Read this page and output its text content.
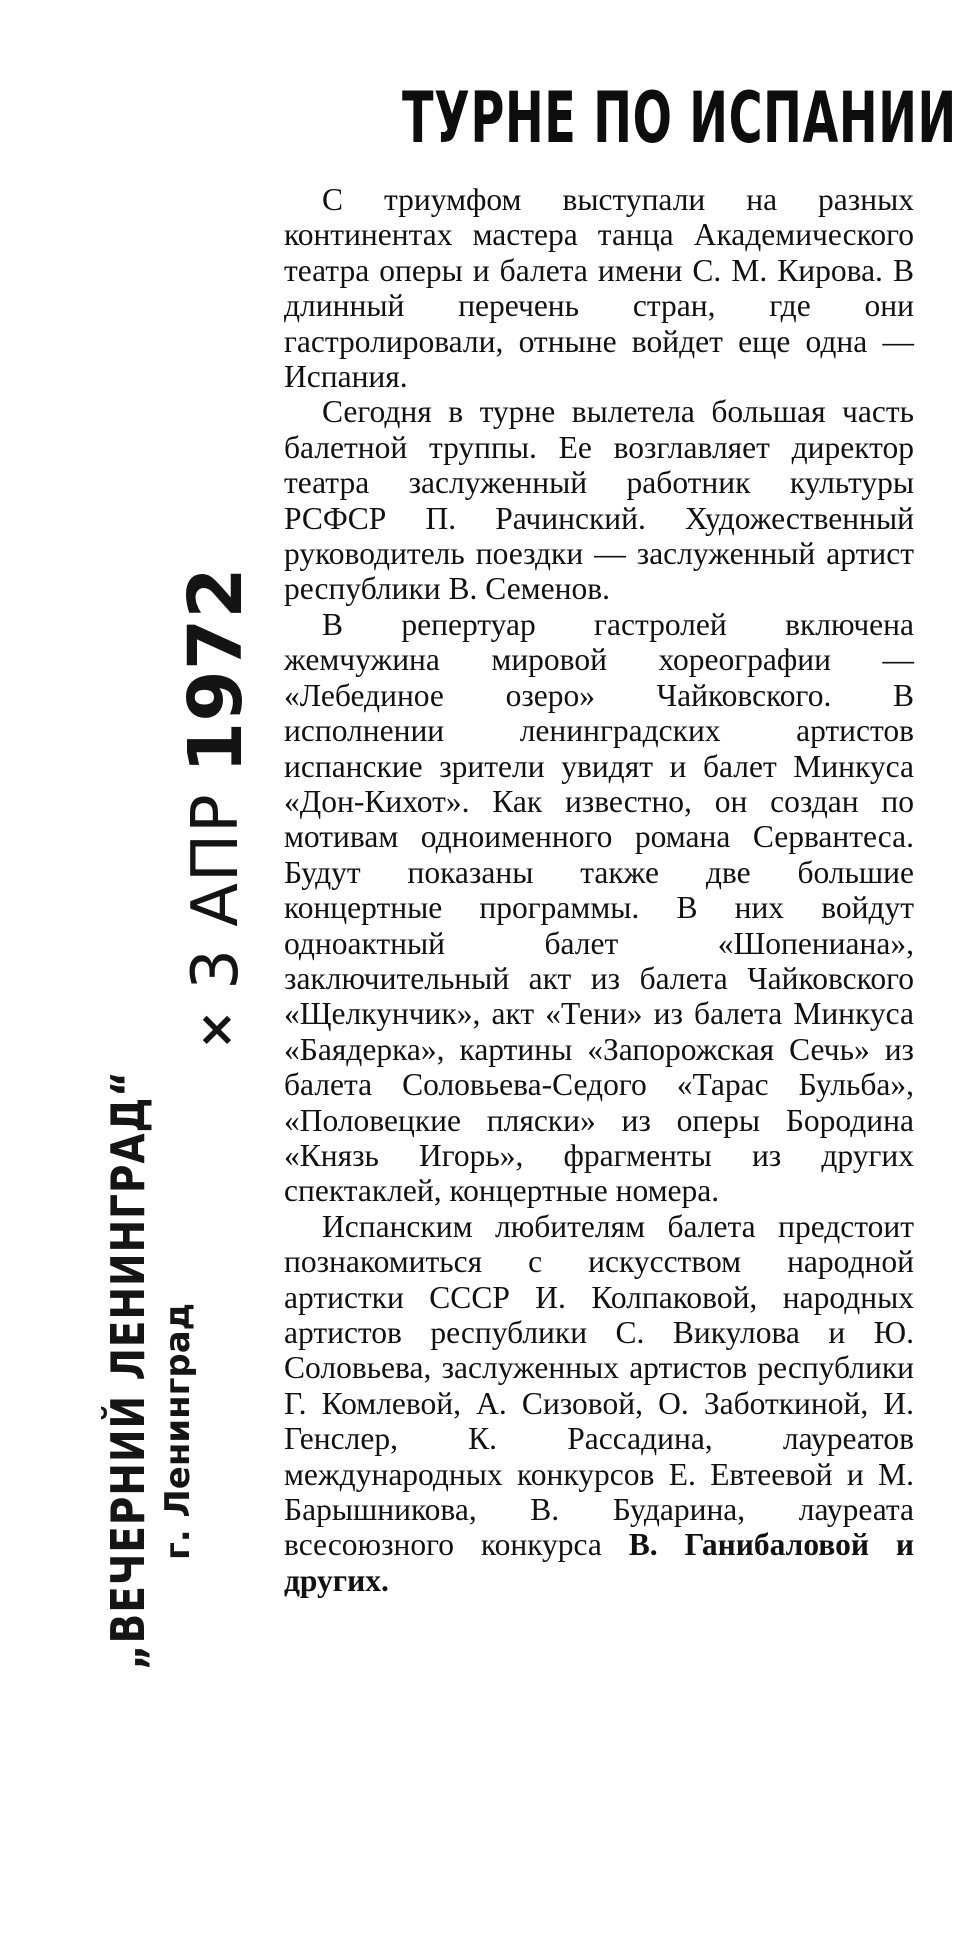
×
3 АПР
1972
„ВЕЧЕРНИЙ ЛЕНИНГРАД“ г. Ленинград
ТУРНЕ ПО ИСПАНИИ

С триумфом выступали на разных континентах мастера танца Академического театра оперы и балета имени С. М. Кирова. В длинный перечень стран, где они гастролировали, отныне войдет еще одна — Испания.

Сегодня в турне вылетела большая часть балетной труппы. Ее возглавляет директор театра заслуженный работник культуры РСФСР П. Рачинский. Художественный руководитель поездки — заслуженный артист республики В. Семенов.

В репертуар гастролей включена жемчужина мировой хореографии — «Лебединое озеро» Чайковского. В исполнении ленинградских артистов испанские зрители увидят и балет Минкуса «Дон-Кихот». Как известно, он создан по мотивам одноименного романа Сервантеса. Будут показаны также две большие концертные программы. В них войдут одноактный балет «Шопениана», заключительный акт из балета Чайковского «Щелкунчик», акт «Тени» из балета Минкуса «Баядерка», картины «Запорожская Сечь» из балета Соловьева-Седого «Тарас Бульба», «Половецкие пляски» из оперы Бородина «Князь Игорь», фрагменты из других спектаклей, концертные номера.

Испанским любителям балета предстоит познакомиться с искусством народной артистки СССР И. Колпаковой, народных артистов республики С. Викулова и Ю. Соловьева, заслуженных артистов республики Г. Комлевой, А. Сизовой, О. Заботкиной, И. Генслер, К. Рассадина, лауреатов международных конкурсов Е. Евтеевой и М. Барышникова, В. Бударина, лауреата всесоюзного конкурса В. Ганибаловой и других.
